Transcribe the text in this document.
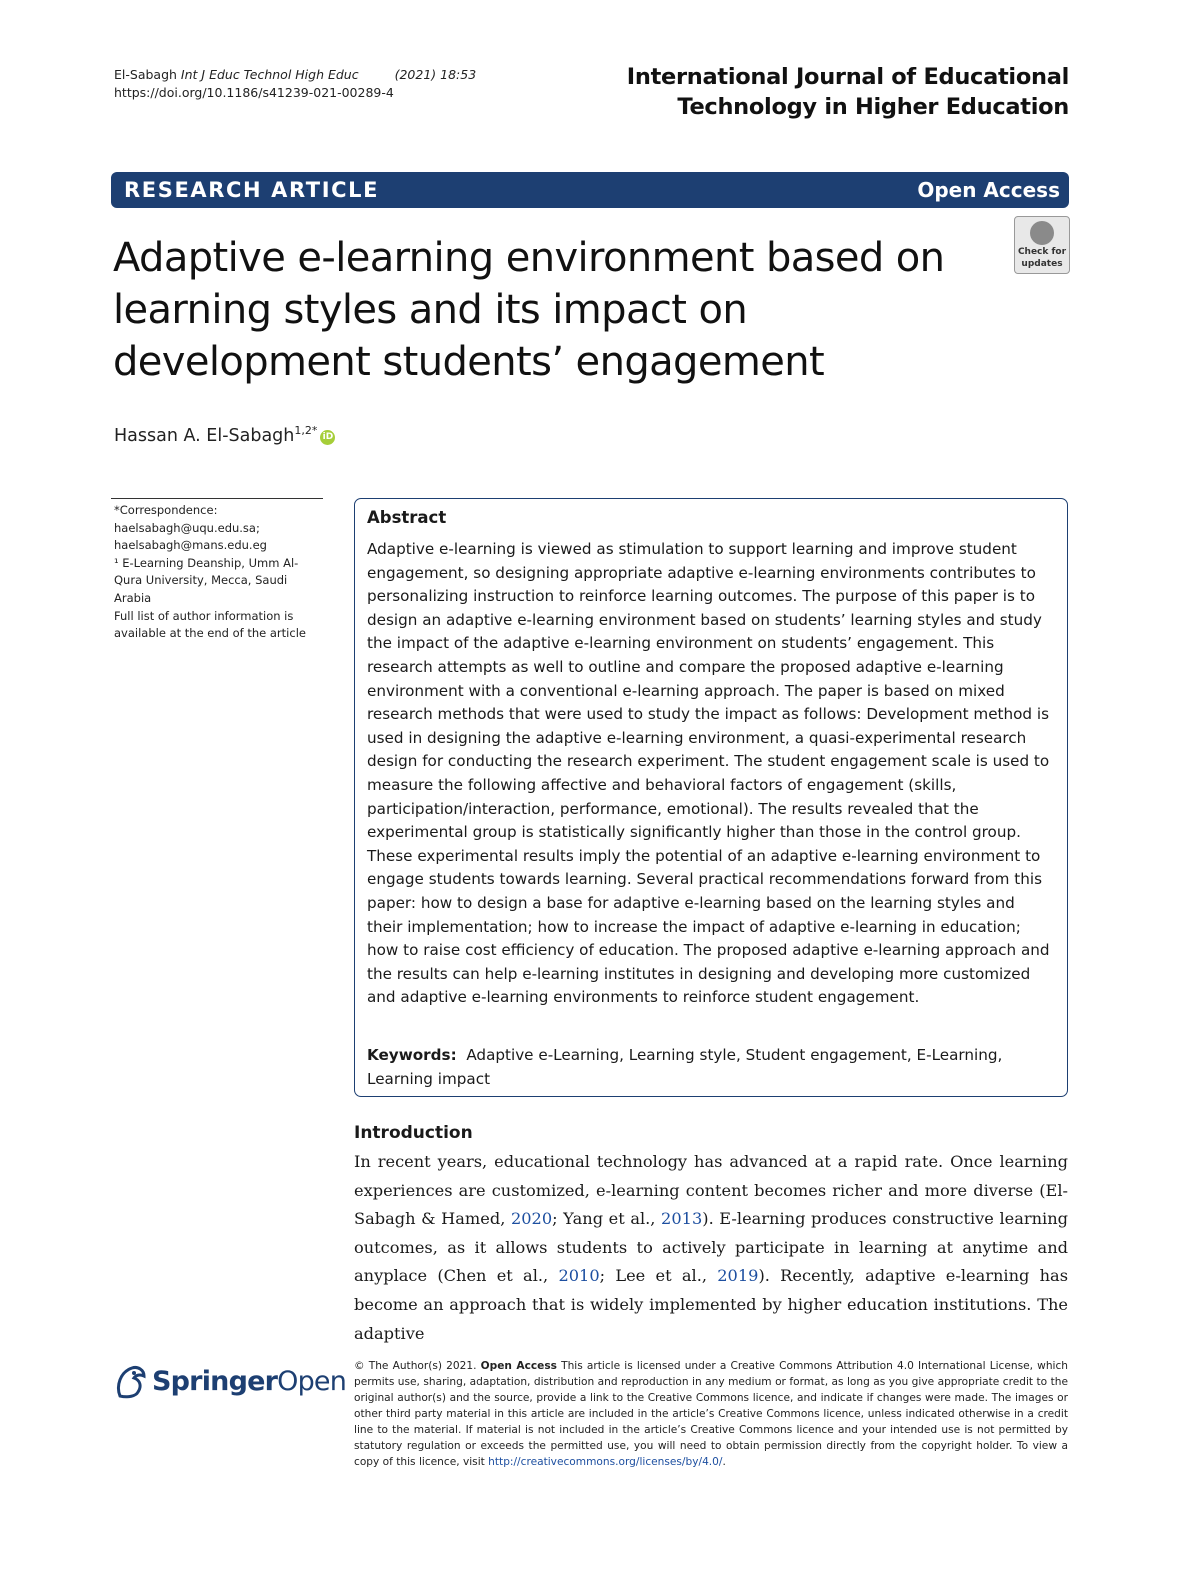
El-Sabagh Int J Educ Technol High Educ	(2021) 18:53
https://doi.org/10.1186/s41239-021-00289-4
International Journal of Educational
Technology in Higher Education
RESEARCH ARTICLE	Open Access
Adaptive e-learning environment based on learning styles and its impact on development students’ engagement
Check for
updates
Hassan A. El-Sabagh$^{1,2*}$ iD

*Correspondence:

haelsabagh@uqu.edu.sa;

haelsabagh@mans.edu.eg

¹ E-Learning Deanship, Umm Al-Qura University, Mecca, Saudi Arabia

Full list of author information is available at the end of the article

Abstract
Adaptive e-learning is viewed as stimulation to support learning and improve student engagement, so designing appropriate adaptive e-learning environments contributes to personalizing instruction to reinforce learning outcomes. The purpose of this paper is to design an adaptive e-learning environment based on students’ learning styles and study the impact of the adaptive e-learning environment on students’ engagement. This research attempts as well to outline and compare the proposed adaptive e-learning environment with a conventional e-learning approach. The paper is based on mixed research methods that were used to study the impact as follows: Development method is used in designing the adaptive e-learning environment, a quasi-experimental research design for conducting the research experiment. The student engagement scale is used to measure the following affective and behavioral factors of engagement (skills, participation/interaction, performance, emotional). The results revealed that the experimental group is statistically significantly higher than those in the control group. These experimental results imply the potential of an adaptive e-learning environment to engage students towards learning. Several practical recommendations forward from this paper: how to design a base for adaptive e-learning based on the learning styles and their implementation; how to increase the impact of adaptive e-learning in education; how to raise cost efficiency of education. The proposed adaptive e-learning approach and the results can help e-learning institutes in designing and developing more customized and adaptive e-learning environments to reinforce student engagement.
Keywords: Adaptive e-Learning, Learning style, Student engagement, E-Learning, Learning impact
Introduction
In recent years, educational technology has advanced at a rapid rate. Once learning experiences are customized, e-learning content becomes richer and more diverse (El-Sabagh & Hamed, 2020; Yang et al., 2013). E-learning produces constructive learning outcomes, as it allows students to actively participate in learning at anytime and anyplace (Chen et al., 2010; Lee et al., 2019). Recently, adaptive e-learning has become an approach that is widely implemented by higher education institutions. The adaptive
SpringerOpen © The Author(s) 2021. Open Access This article is licensed under a Creative Commons Attribution 4.0 International License, which permits use, sharing, adaptation, distribution and reproduction in any medium or format, as long as you give appropriate credit to the original author(s) and the source, provide a link to the Creative Commons licence, and indicate if changes were made. The images or other third party material in this article are included in the article’s Creative Commons licence, unless indicated otherwise in a credit line to the material. If material is not included in the article’s Creative Commons licence and your intended use is not permitted by statutory regulation or exceeds the permitted use, you will need to obtain permission directly from the copyright holder. To view a copy of this licence, visit http://creativecommons.org/licenses/by/4.0/.
